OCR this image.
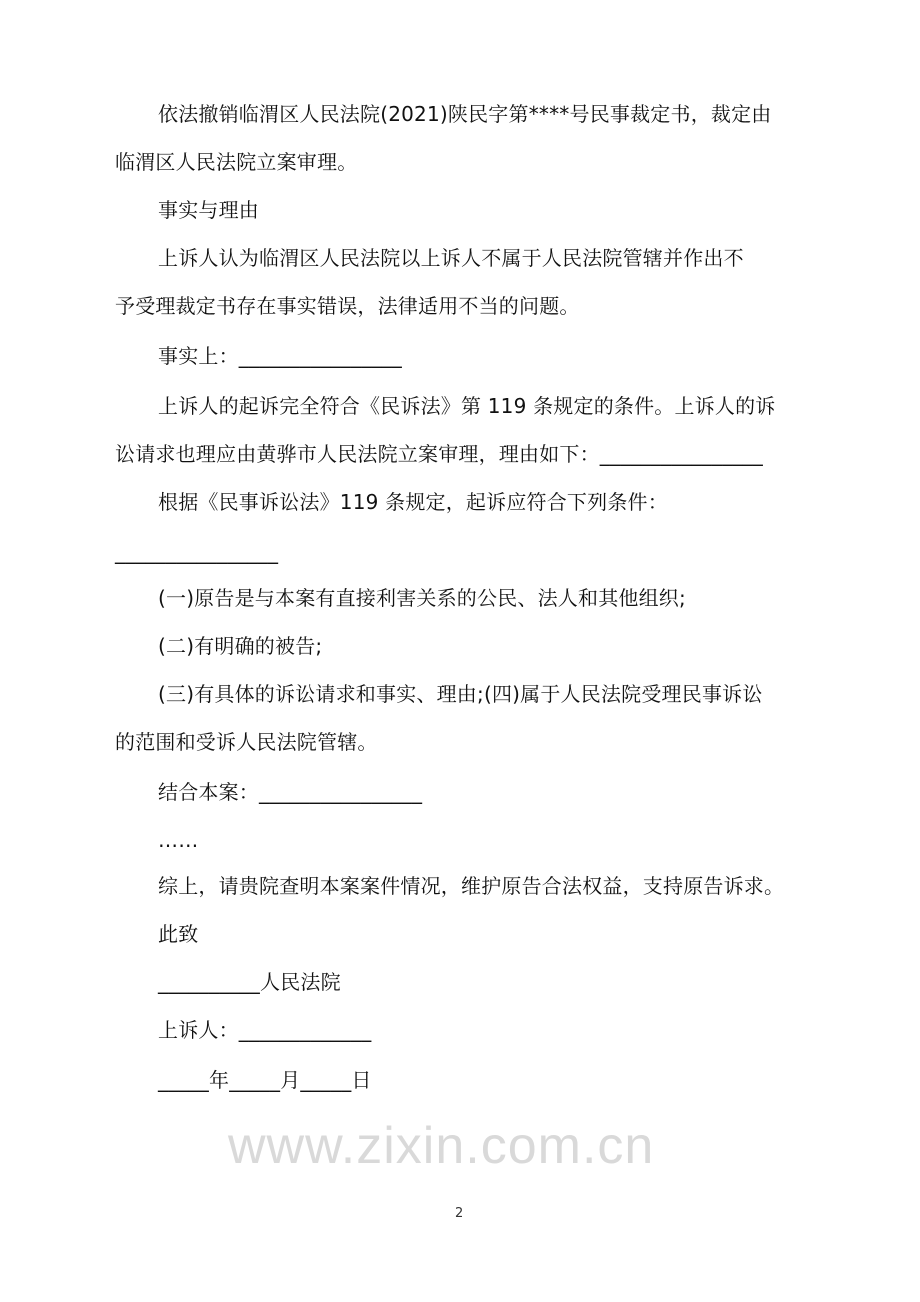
依法撤销临渭区人民法院(2021)陕民字第****号民事裁定书，裁定由
临渭区人民法院立案审理。
事实与理由
上诉人认为临渭区人民法院以上诉人不属于人民法院管辖并作出不
予受理裁定书存在事实错误，法律适用不当的问题。
事实上：________________
上诉人的起诉完全符合《民诉法》第 119 条规定的条件。上诉人的诉
讼请求也理应由黄骅市人民法院立案审理，理由如下：________________
根据《民事诉讼法》119 条规定，起诉应符合下列条件：
________________
(一)原告是与本案有直接利害关系的公民、法人和其他组织;
(二)有明确的被告;
(三)有具体的诉讼请求和事实、理由;(四)属于人民法院受理民事诉讼
的范围和受诉人民法院管辖。
结合本案：________________
……
综上，请贵院查明本案案件情况，维护原告合法权益，支持原告诉求。
此致
__________人民法院
上诉人：_____________
_____年_____月_____日
www.zixin.com.cn
2
